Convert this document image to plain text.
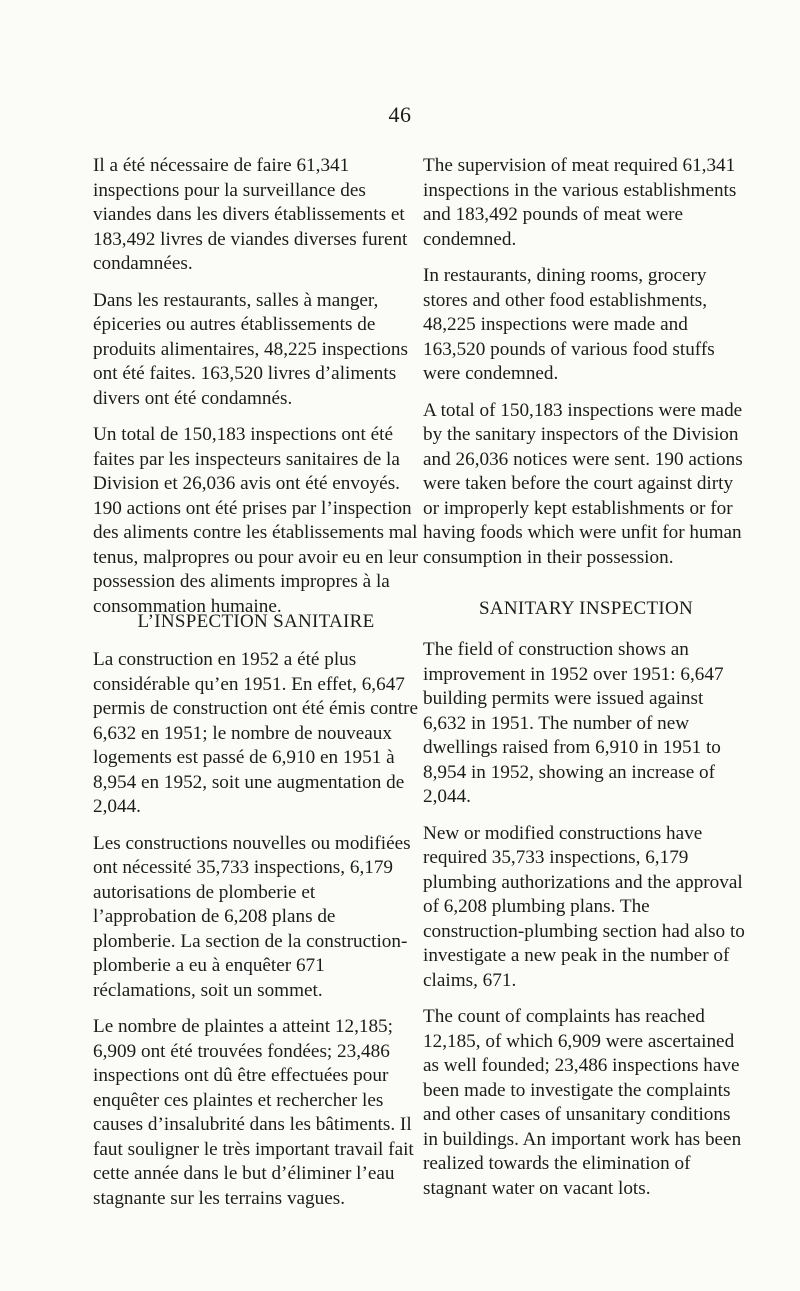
46

Il a été nécessaire de faire 61,341 inspections pour la surveillance des viandes dans les divers établissements et 183,492 livres de viandes diverses furent condamnées.

Dans les restaurants, salles à manger, épiceries ou autres établissements de produits alimentaires, 48,225 inspections ont été faites. 163,520 livres d’aliments divers ont été condamnés.

Un total de 150,183 inspections ont été faites par les inspecteurs sanitaires de la Division et 26,036 avis ont été envoyés. 190 actions ont été prises par l’inspection des aliments contre les établissements mal tenus, malpropres ou pour avoir eu en leur possession des aliments impropres à la consommation humaine.

The supervision of meat required 61,341 inspections in the various establishments and 183,492 pounds of meat were condemned.

In restaurants, dining rooms, grocery stores and other food establishments, 48,225 inspections were made and 163,520 pounds of various food stuffs were condemned.

A total of 150,183 inspections were made by the sanitary inspectors of the Division and 26,036 notices were sent. 190 actions were taken before the court against dirty or improperly kept establishments or for having foods which were unfit for human consumption in their possession.

L’INSPECTION SANITAIRE
SANITARY INSPECTION

La construction en 1952 a été plus considérable qu’en 1951. En effet, 6,647 permis de construction ont été émis contre 6,632 en 1951; le nombre de nouveaux logements est passé de 6,910 en 1951 à 8,954 en 1952, soit une augmentation de 2,044.

Les constructions nouvelles ou modifiées ont nécessité 35,733 inspections, 6,179 autorisations de plomberie et l’approbation de 6,208 plans de plomberie. La section de la construction-plomberie a eu à enquêter 671 réclamations, soit un sommet.

Le nombre de plaintes a atteint 12,185; 6,909 ont été trouvées fondées; 23,486 inspections ont dû être effectuées pour enquêter ces plaintes et rechercher les causes d’insalubrité dans les bâtiments. Il faut souligner le très important travail fait cette année dans le but d’éliminer l’eau stagnante sur les terrains vagues.

The field of construction shows an improvement in 1952 over 1951: 6,647 building permits were issued against 6,632 in 1951. The number of new dwellings raised from 6,910 in 1951 to 8,954 in 1952, showing an increase of 2,044.

New or modified constructions have required 35,733 inspections, 6,179 plumbing authorizations and the approval of 6,208 plumbing plans. The construction-plumbing section had also to investigate a new peak in the number of claims, 671.

The count of complaints has reached 12,185, of which 6,909 were ascertained as well founded; 23,486 inspections have been made to investigate the complaints and other cases of unsanitary conditions in buildings. An important work has been realized towards the elimination of stagnant water on vacant lots.
